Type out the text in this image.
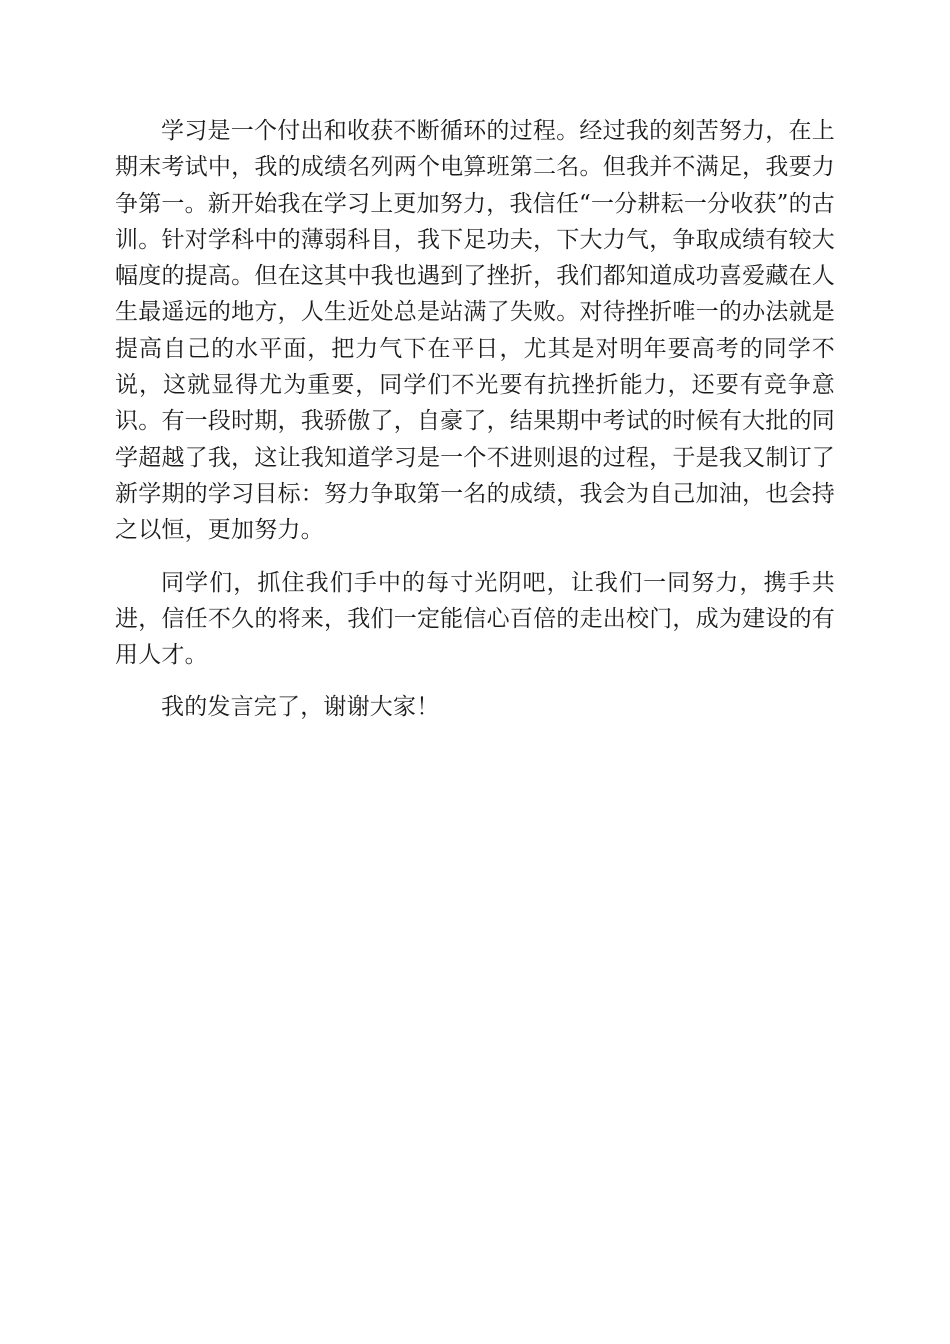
学习是一个付出和收获不断循环的过程。经过我的刻苦努力，在上期末考试中，我的成绩名列两个电算班第二名。但我并不满足，我要力争第一。新开始我在学习上更加努力，我信任“一分耕耘一分收获”的古训。针对学科中的薄弱科目，我下足功夫，下大力气，争取成绩有较大幅度的提高。但在这其中我也遇到了挫折，我们都知道成功喜爱藏在人生最遥远的地方，人生近处总是站满了失败。对待挫折唯一的办法就是提高自己的水平面，把力气下在平日，尤其是对明年要高考的同学不说，这就显得尤为重要，同学们不光要有抗挫折能力，还要有竞争意识。有一段时期，我骄傲了，自豪了，结果期中考试的时候有大批的同学超越了我，这让我知道学习是一个不进则退的过程，于是我又制订了新学期的学习目标：努力争取第一名的成绩，我会为自己加油，也会持之以恒，更加努力。

同学们，抓住我们手中的每寸光阴吧，让我们一同努力，携手共进，信任不久的将来，我们一定能信心百倍的走出校门，成为建设的有用人才。

我的发言完了，谢谢大家！
